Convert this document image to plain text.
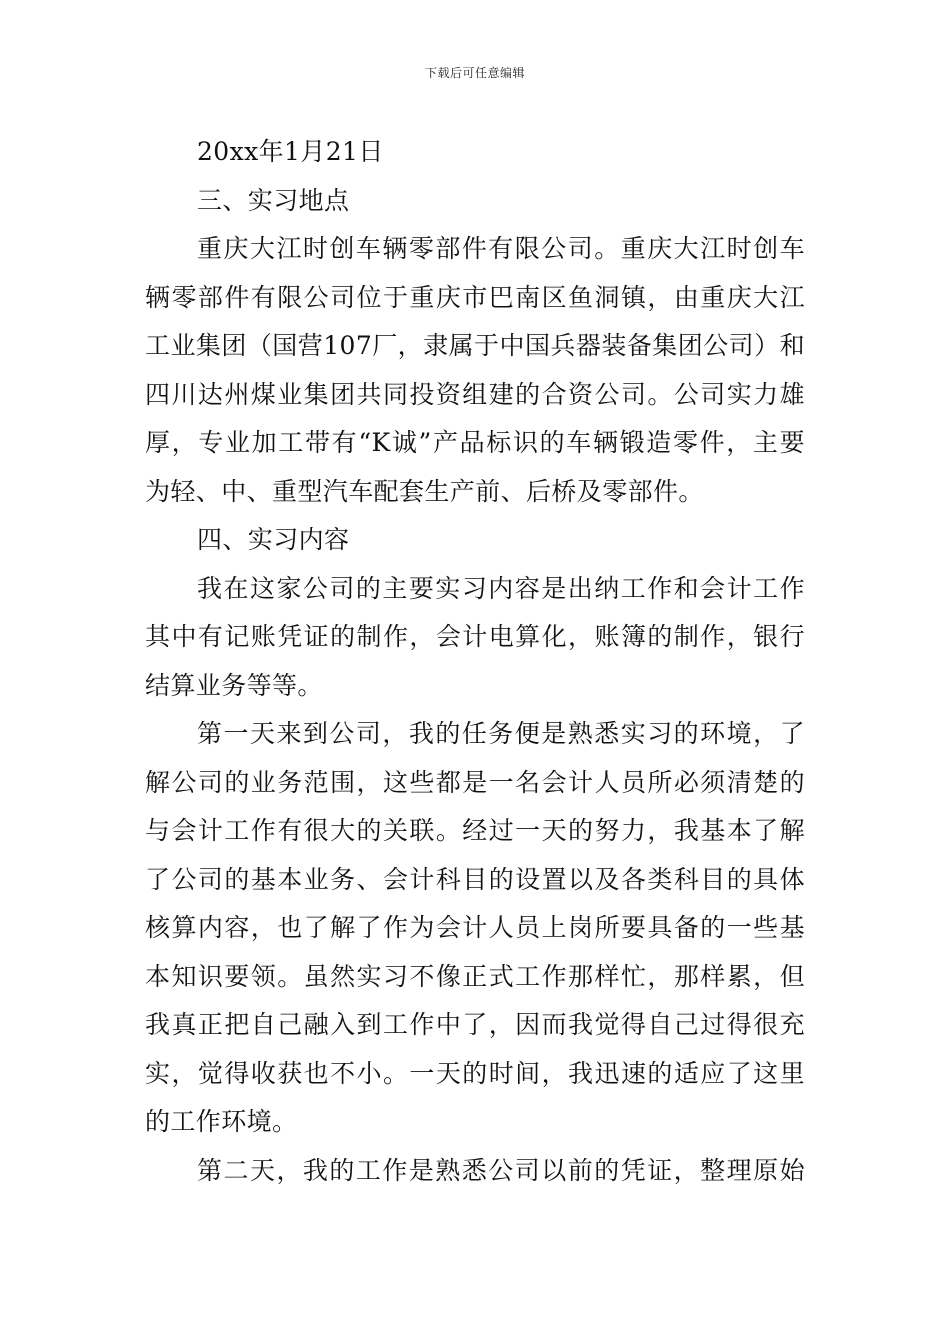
下载后可任意编辑
20xx年1月21日
三、实习地点
重庆大江时创车辆零部件有限公司。重庆大江时创车
辆零部件有限公司位于重庆市巴南区鱼洞镇，由重庆大江
工业集团（国营107厂，隶属于中国兵器装备集团公司）和
四川达州煤业集团共同投资组建的合资公司。公司实力雄
厚，专业加工带有“K诚”产品标识的车辆锻造零件，主要
为轻、中、重型汽车配套生产前、后桥及零部件。
四、实习内容
我在这家公司的主要实习内容是出纳工作和会计工作
其中有记账凭证的制作，会计电算化，账簿的制作，银行
结算业务等等。
第一天来到公司，我的任务便是熟悉实习的环境，了
解公司的业务范围，这些都是一名会计人员所必须清楚的
与会计工作有很大的关联。经过一天的努力，我基本了解
了公司的基本业务、会计科目的设置以及各类科目的具体
核算内容，也了解了作为会计人员上岗所要具备的一些基
本知识要领。虽然实习不像正式工作那样忙，那样累，但
我真正把自己融入到工作中了，因而我觉得自己过得很充
实，觉得收获也不小。一天的时间，我迅速的适应了这里
的工作环境。
第二天，我的工作是熟悉公司以前的凭证，整理原始
